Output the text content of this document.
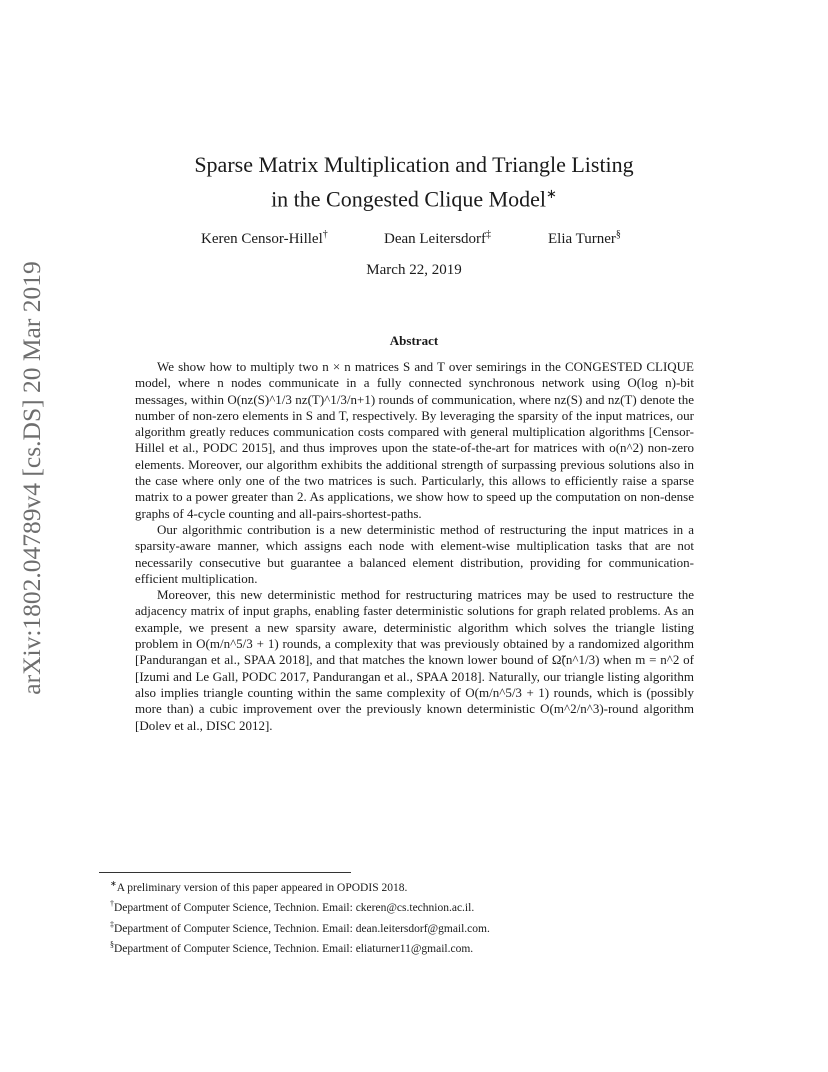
arXiv:1802.04789v4 [cs.DS] 20 Mar 2019
Sparse Matrix Multiplication and Triangle Listing
in the Congested Clique Model∗
Keren Censor-Hillel†	Dean Leitersdorf‡	Elia Turner§
March 22, 2019
Abstract

We show how to multiply two n × n matrices S and T over semirings in the CONGESTED CLIQUE model, where n nodes communicate in a fully connected synchronous network using O(log n)-bit messages, within O(nz(S)^1/3 nz(T)^1/3/n+1) rounds of communication, where nz(S) and nz(T) denote the number of non-zero elements in S and T, respectively. By leveraging the sparsity of the input matrices, our algorithm greatly reduces communication costs compared with general multiplication algorithms [Censor-Hillel et al., PODC 2015], and thus improves upon the state-of-the-art for matrices with o(n^2) non-zero elements. Moreover, our algorithm exhibits the additional strength of surpassing previous solutions also in the case where only one of the two matrices is such. Particularly, this allows to efficiently raise a sparse matrix to a power greater than 2. As applications, we show how to speed up the computation on non-dense graphs of 4-cycle counting and all-pairs-shortest-paths.

Our algorithmic contribution is a new deterministic method of restructuring the input matrices in a sparsity-aware manner, which assigns each node with element-wise multiplication tasks that are not necessarily consecutive but guarantee a balanced element distribution, providing for communication-efficient multiplication.

Moreover, this new deterministic method for restructuring matrices may be used to restructure the adjacency matrix of input graphs, enabling faster deterministic solutions for graph related problems. As an example, we present a new sparsity aware, deterministic algorithm which solves the triangle listing problem in O(m/n^5/3 + 1) rounds, a complexity that was previously obtained by a randomized algorithm [Pandurangan et al., SPAA 2018], and that matches the known lower bound of Ω̃(n^1/3) when m = n^2 of [Izumi and Le Gall, PODC 2017, Pandurangan et al., SPAA 2018]. Naturally, our triangle listing algorithm also implies triangle counting within the same complexity of O(m/n^5/3 + 1) rounds, which is (possibly more than) a cubic improvement over the previously known deterministic O(m^2/n^3)-round algorithm [Dolev et al., DISC 2012].

∗A preliminary version of this paper appeared in OPODIS 2018.
†Department of Computer Science, Technion. Email: ckeren@cs.technion.ac.il.
‡Department of Computer Science, Technion. Email: dean.leitersdorf@gmail.com.
§Department of Computer Science, Technion. Email: eliaturner11@gmail.com.
